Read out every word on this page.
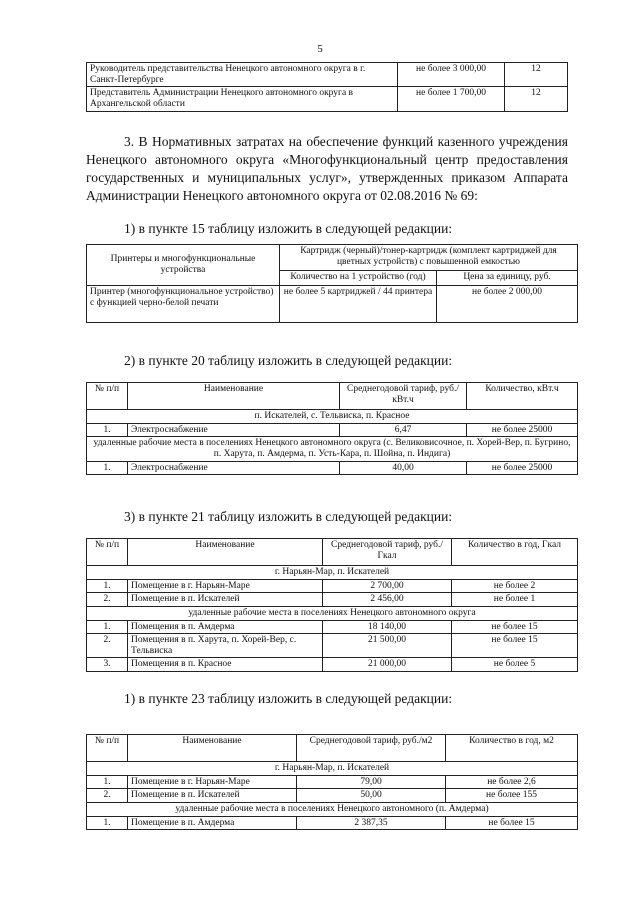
5
Руководитель представительства Ненецкого автономного округа в г. Санкт-Петербурге	не более 3 000,00	12
Представитель Администрации Ненецкого автономного округа в Архангельской области	не более 1 700,00	12

3. В Нормативных затратах на обеспечение функций казенного учреждения

Ненецкого автономного округа «Многофункциональный центр предоставления

государственных и муниципальных услуг», утвержденных приказом Аппарата

Администрации Ненецкого автономного округа от 02.08.2016 № 69:

1) в пункте 15 таблицу изложить в следующей редакции:

Принтеры и многофункциональные устройства	Картридж (черный)/тонер-картридж (комплект картриджей для цветных устройств) с повышенной емкостью	
	Количество на 1 устройство (год)	Цена за единицу, руб.
Принтер (многофункциональное устройство) с функцией черно-белой печати	не более 5 картриджей / 44 принтера	не более 2 000,00

2) в пункте 20 таблицу изложить в следующей редакции:

№ п/п	Наименование	Среднегодовой тариф, руб./кВт.ч	Количество, кВт.ч
п. Искателей, с. Тельвиска, п. Красное			
1.	Электроснабжение	6,47	не более 25000
удаленные рабочие места в поселениях Ненецкого автономного округа (с. Великовисочное, п. Хорей-Вер, п. Бугрино, п. Харута, п. Амдерма, п. Усть-Кара, п. Шойна, п. Индига)			
1.	Электроснабжение	40,00	не более 25000

3) в пункте 21 таблицу изложить в следующей редакции:

№ п/п	Наименование	Среднегодовой тариф, руб./Гкал	Количество в год, Гкал
г. Нарьян-Мар, п. Искателей			
1.	Помещение в г. Нарьян-Маре	2 700,00	не более 2
2.	Помещение в п. Искателей	2 456,00	не более 1
удаленные рабочие места в поселениях Ненецкого автономного округа			
1.	Помещения в п. Амдерма	18 140,00	не более 15
2.	Помещения в п. Харута, п. Хорей-Вер, с. Тельвиска	21 500,00	не более 15
3.	Помещения в п. Красное	21 000,00	не более 5

1) в пункте 23 таблицу изложить в следующей редакции:

№ п/п	Наименование	Среднегодовой тариф, руб./м2	Количество в год, м2
г. Нарьян-Мар, п. Искателей			
1.	Помещение в г. Нарьян-Маре	79,00	не более 2,6
2.	Помещение в п. Искателей	50,00	не более 155
удаленные рабочие места в поселениях Ненецкого автономного (п. Амдерма)			
1.	Помещение в п. Амдерма	2 387,35	не более 15
